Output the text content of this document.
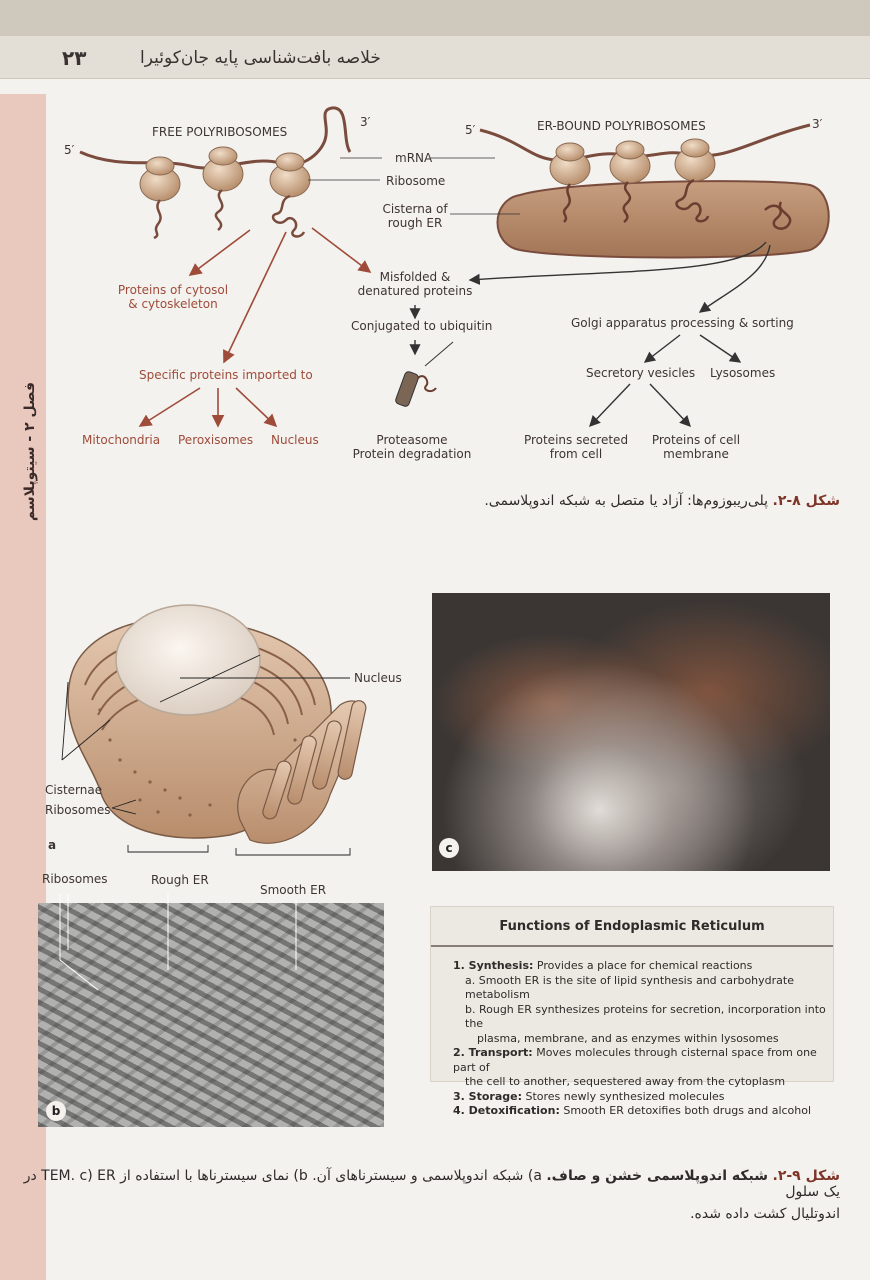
۲۳	خلاصه بافت‌شناسی پایه جان‌کوئیرا
فصل ۲ - سیتوپلاسم
FREE POLYRIBOSOMES	ER-BOUND POLYRIBOSOMES
5′
3′
5′	3′
mRNA
Ribosome
Cisterna of
rough ER
Proteins of cytosol
& cytoskeleton
Misfolded &
denatured proteins
Conjugated to ubiquitin	Golgi apparatus processing & sorting
Specific proteins imported to	Secretory vesicles Lysosomes
Mitochondria Peroxisomes Nucleus	Proteasome
Protein degradation
Proteins secreted
from cell
Proteins of cell
membrane
شکل ۸-۲. پلی‌ریبوزوم‌ها: آزاد یا متصل به شبکه اندوپلاسمی.
Nucleus
Cisternae
Ribosomes
a
Ribosomes	Rough ER
Smooth ER
b
c
Functions of Endoplasmic Reticulum
1. Synthesis: Provides a place for chemical reactions
a. Smooth ER is the site of lipid synthesis and carbohydrate metabolism
b. Rough ER synthesizes proteins for secretion, incorporation into the
plasma, membrane, and as enzymes within lysosomes
2. Transport: Moves molecules through cisternal space from one part of
the cell to another, sequestered away from the cytoplasm
3. Storage: Stores newly synthesized molecules
4. Detoxification: Smooth ER detoxifies both drugs and alcohol
شکل ۹-۲. شبکه اندوپلاسمی خشن و صاف. a) شبکه اندوپلاسمی و سیسترناهای آن. b) نمای سیسترناها با استفاده از TEM. c) ER در یک سلول
اندوتلیال کشت داده شده.
